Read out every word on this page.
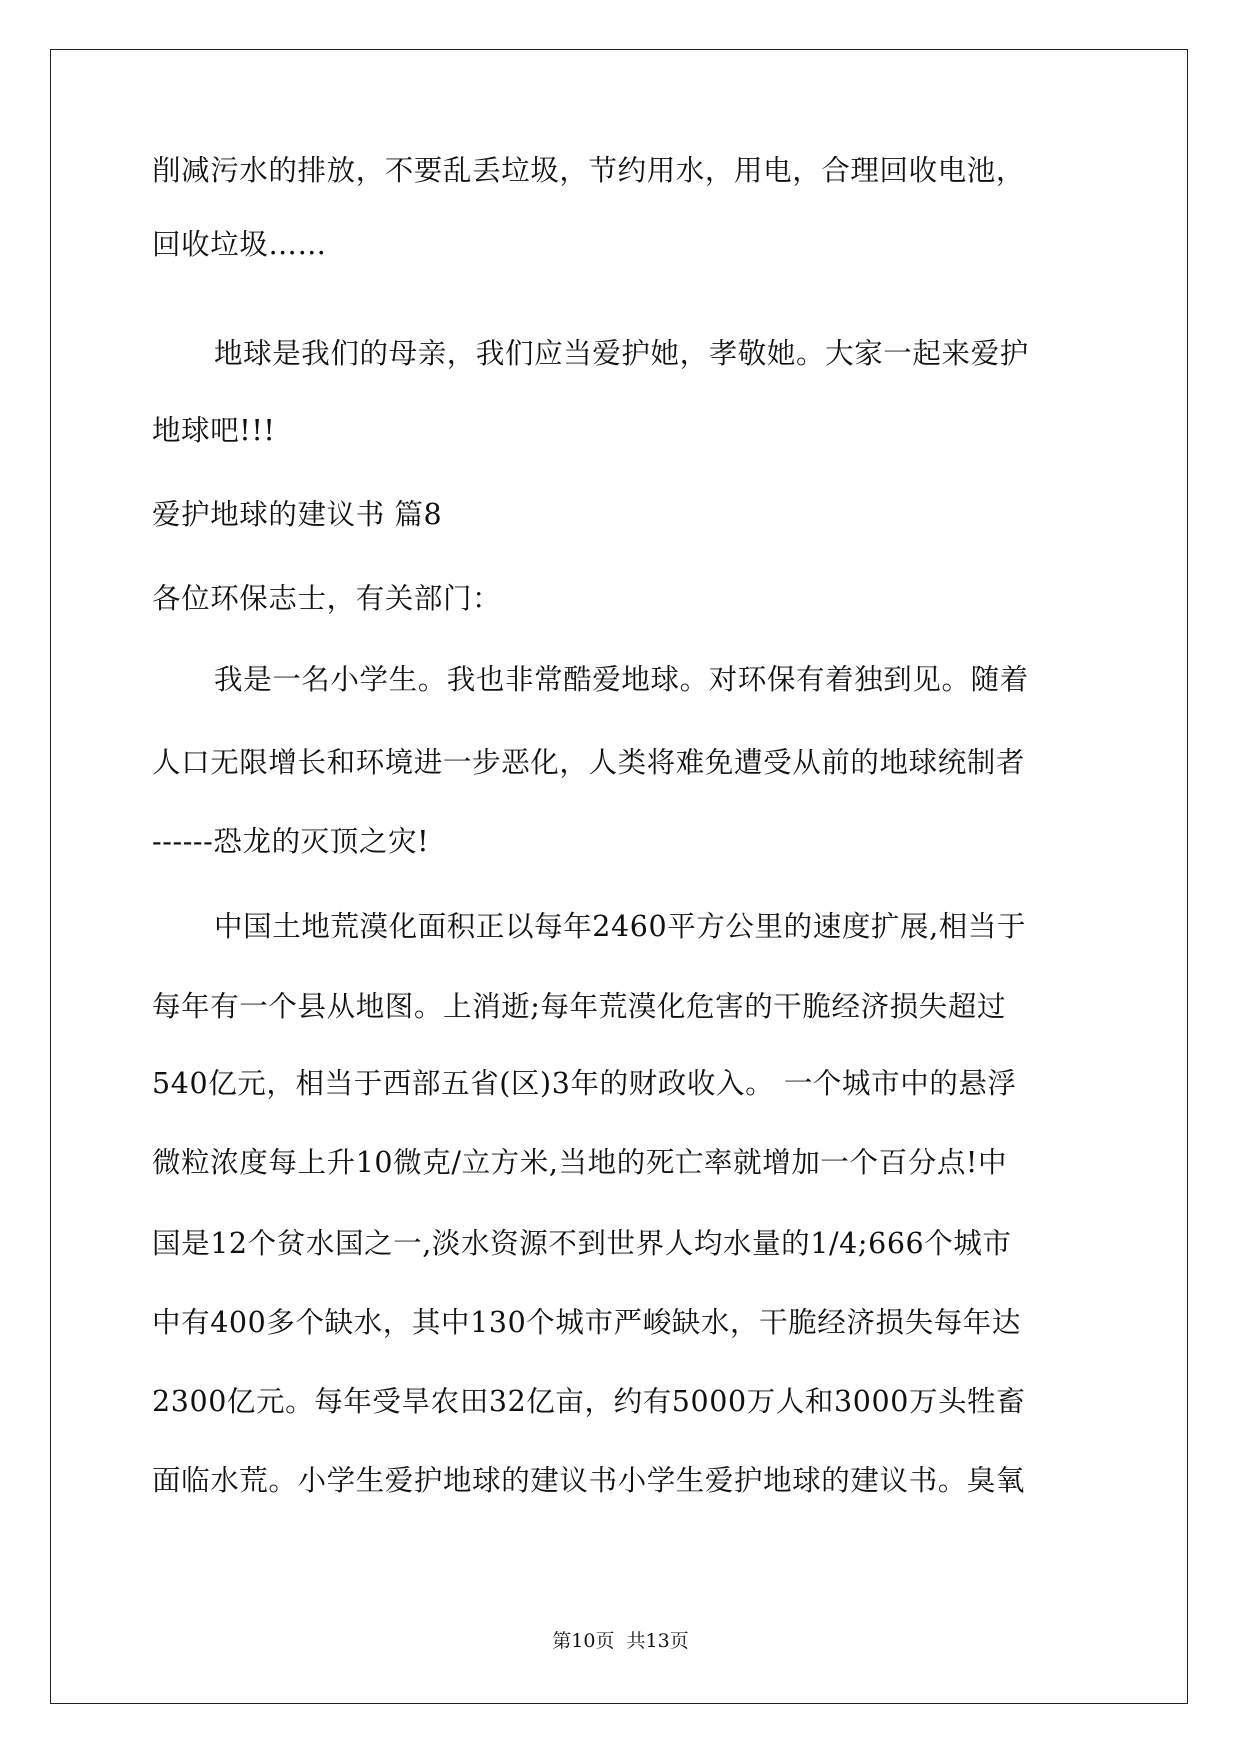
削减污水的排放，不要乱丢垃圾，节约用水，用电，合理回收电池，
回收垃圾……
地球是我们的母亲，我们应当爱护她，孝敬她。大家一起来爱护
地球吧!!!
爱护地球的建议书 篇8
各位环保志士，有关部门：
我是一名小学生。我也非常酷爱地球。对环保有着独到见。随着
人口无限增长和环境进一步恶化，人类将难免遭受从前的地球统制者
------恐龙的灭顶之灾!
中国土地荒漠化面积正以每年2460平方公里的速度扩展,相当于
每年有一个县从地图。上消逝;每年荒漠化危害的干脆经济损失超过
540亿元，相当于西部五省(区)3年的财政收入。 一个城市中的悬浮
微粒浓度每上升10微克/立方米,当地的死亡率就增加一个百分点!中
国是12个贫水国之一,淡水资源不到世界人均水量的1/4;666个城市
中有400多个缺水，其中130个城市严峻缺水，干脆经济损失每年达
2300亿元。每年受旱农田32亿亩，约有5000万人和3000万头牲畜
面临水荒。小学生爱护地球的建议书小学生爱护地球的建议书。臭氧
第10页  共13页
